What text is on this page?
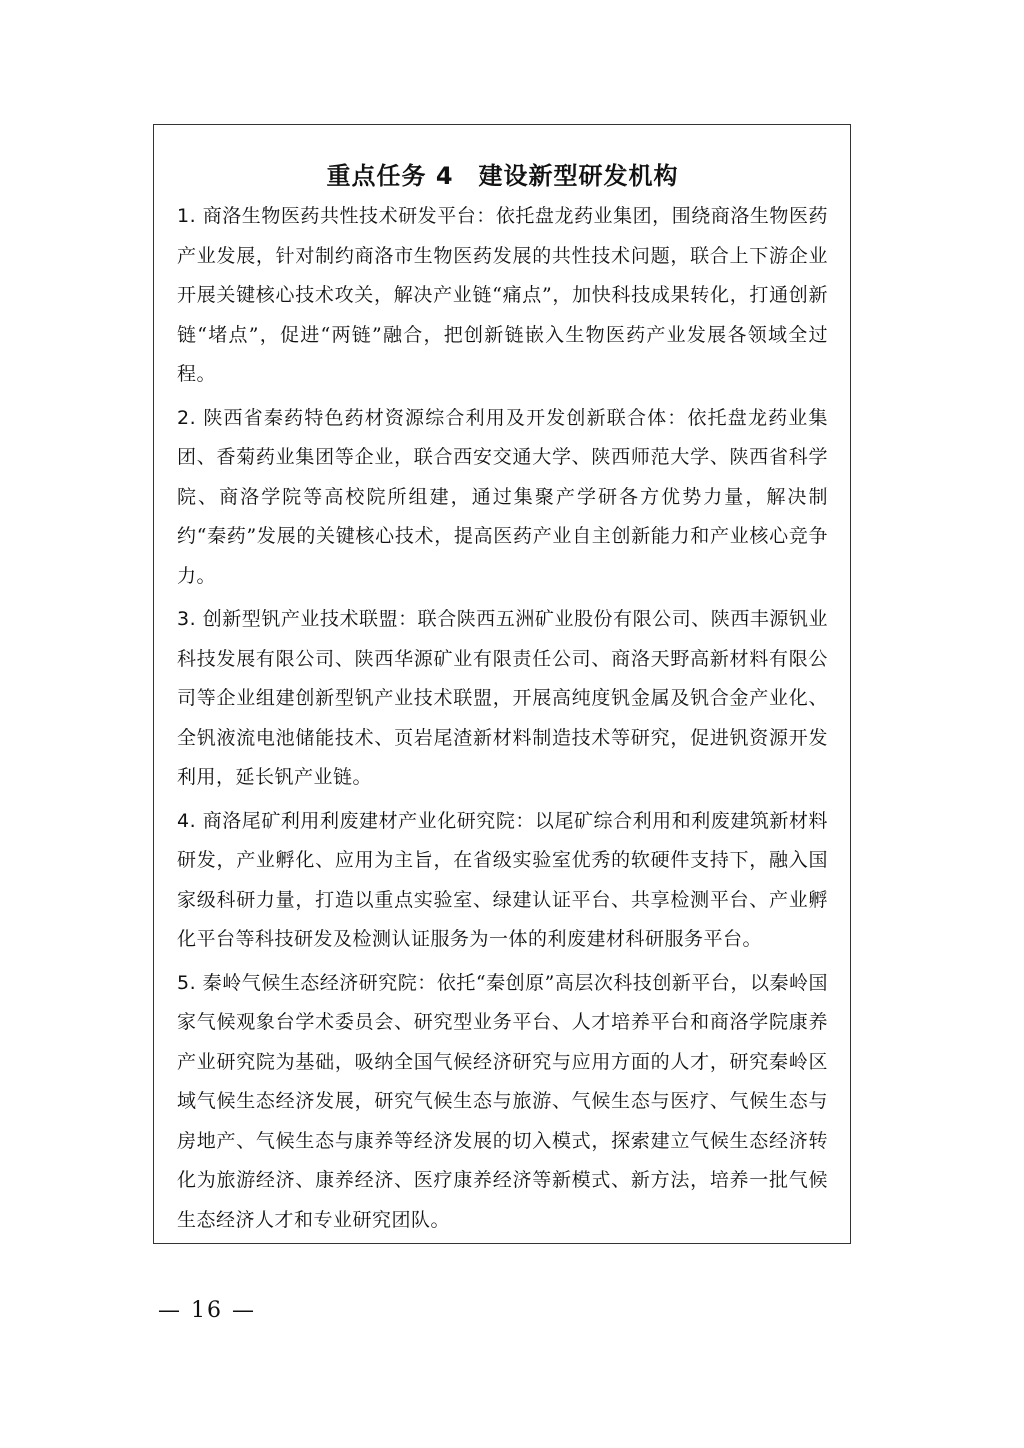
重点任务 4　建设新型研发机构

1. 商洛生物医药共性技术研发平台：依托盘龙药业集团，围绕商洛生物医药产业发展，针对制约商洛市生物医药发展的共性技术问题，联合上下游企业开展关键核心技术攻关，解决产业链“痛点”，加快科技成果转化，打通创新链“堵点”，促进“两链”融合，把创新链嵌入生物医药产业发展各领域全过程。

2. 陕西省秦药特色药材资源综合利用及开发创新联合体：依托盘龙药业集团、香菊药业集团等企业，联合西安交通大学、陕西师范大学、陕西省科学院、商洛学院等高校院所组建，通过集聚产学研各方优势力量，解决制约“秦药”发展的关键核心技术，提高医药产业自主创新能力和产业核心竞争力。

3. 创新型钒产业技术联盟：联合陕西五洲矿业股份有限公司、陕西丰源钒业科技发展有限公司、陕西华源矿业有限责任公司、商洛天野高新材料有限公司等企业组建创新型钒产业技术联盟，开展高纯度钒金属及钒合金产业化、全钒液流电池储能技术、页岩尾渣新材料制造技术等研究，促进钒资源开发利用，延长钒产业链。

4. 商洛尾矿利用利废建材产业化研究院：以尾矿综合利用和利废建筑新材料研发，产业孵化、应用为主旨，在省级实验室优秀的软硬件支持下，融入国家级科研力量，打造以重点实验室、绿建认证平台、共享检测平台、产业孵化平台等科技研发及检测认证服务为一体的利废建材科研服务平台。

5. 秦岭气候生态经济研究院：依托“秦创原”高层次科技创新平台，以秦岭国家气候观象台学术委员会、研究型业务平台、人才培养平台和商洛学院康养产业研究院为基础，吸纳全国气候经济研究与应用方面的人才，研究秦岭区域气候生态经济发展，研究气候生态与旅游、气候生态与医疗、气候生态与房地产、气候生态与康养等经济发展的切入模式，探索建立气候生态经济转化为旅游经济、康养经济、医疗康养经济等新模式、新方法，培养一批气候生态经济人才和专业研究团队。

— 16 —
